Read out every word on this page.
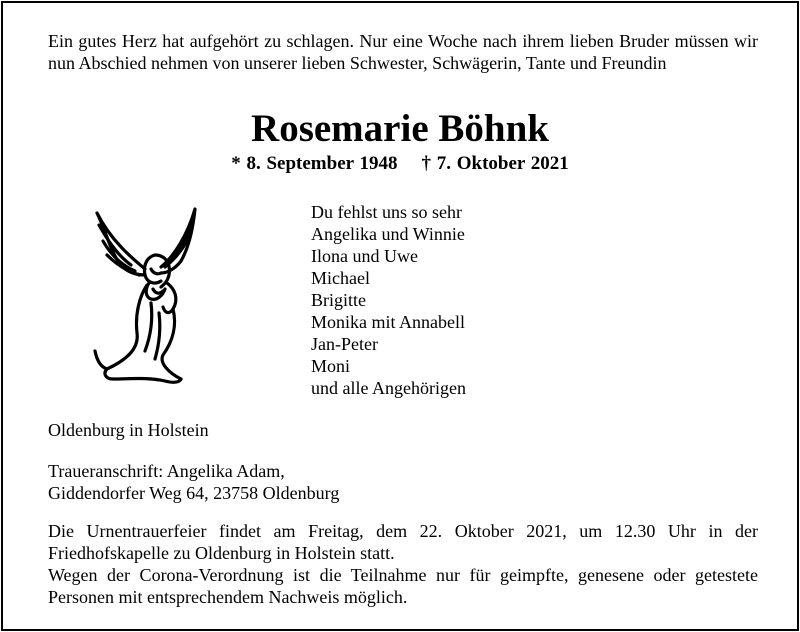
Ein gutes Herz hat aufgehört zu schlagen. Nur eine Woche nach ihrem lieben Bruder müssen wir nun Abschied nehmen von unserer lieben Schwester, Schwägerin, Tante und Freundin

Rosemarie Böhnk

* 8. September 1948 † 7. Oktober 2021

Du fehlst uns so sehr
Angelika und Winnie
Ilona und Uwe
Michael
Brigitte
Monika mit Annabell
Jan-Peter
Moni
und alle Angehörigen

Oldenburg in Holstein

Traueranschrift: Angelika Adam,
Giddendorfer Weg 64, 23758 Oldenburg

Die Urnentrauerfeier findet am Freitag, dem 22. Oktober 2021, um 12.30 Uhr in der Friedhofskapelle zu Oldenburg in Holstein statt.
Wegen der Corona-Verordnung ist die Teilnahme nur für geimpfte, genesene oder getestete Personen mit entsprechendem Nachweis möglich.
